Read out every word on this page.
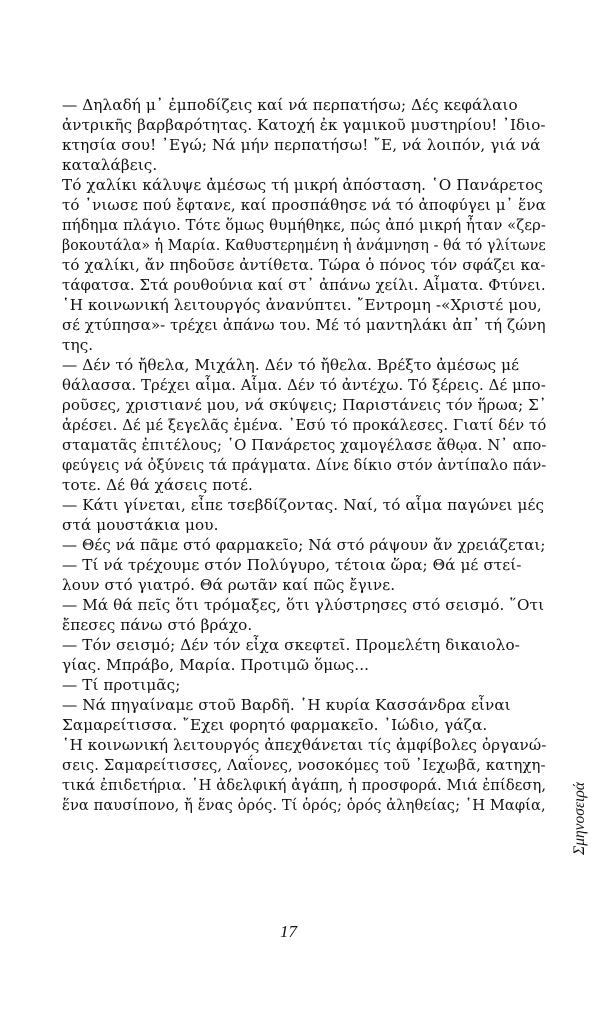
— Δηλαδή μ᾽ ἐμποδίζεις καί νά περπατήσω; Δές κεφάλαιο
ἀντρικῆς βαρβαρότητας. Κατοχή ἐκ γαμικοῦ μυστηρίου! ᾽Ιδιο-
κτησία σου! ᾽Εγώ; Νά μήν περπατήσω! ῎Ε, νά λοιπόν, γιά νά
καταλάβεις.
Τό χαλίκι κάλυψε ἀμέσως τή μικρή ἀπόσταση. ῾Ο Πανάρετος
τό ᾽νιωσε πού ἔφτανε, καί προσπάθησε νά τό ἀποφύγει μ᾽ ἕνα
πήδημα πλάγιο. Τότε ὅμως θυμήθηκε, πώς ἀπό μικρή ἦταν «ζερ-
βοκουτάλα» ἡ Μαρία. Καθυστερημένη ἡ ἀνάμνηση - θά τό γλίτωνε
τό χαλίκι, ἄν πηδοῦσε ἀντίθετα. Τώρα ὁ πόνος τόν σφάζει κα-
τάφατσα. Στά ρουθούνια καί στ᾽ ἀπάνω χείλι. Αἷματα. Φτύνει.
῾Η κοινωνική λειτουργός ἀνανύπτει. ῎Εντρομη -«Χριστέ μου,
σέ χτύπησα»- τρέχει ἀπάνω του. Μέ τό μαντηλάκι ἀπ᾽ τή ζώνη
της.
— Δέν τό ἤθελα, Μιχάλη. Δέν τό ἤθελα. Βρέξτο ἀμέσως μέ
θάλασσα. Τρέχει αἷμα. Αἷμα. Δέν τό ἀντέχω. Τό ξέρεις. Δέ μπο-
ροῦσες, χριστιανέ μου, νά σκύψεις; Παριστάνεις τόν ἥρωα; Σ᾽
ἀρέσει. Δέ μέ ξεγελᾶς ἐμένα. ᾽Εσύ τό προκάλεσες. Γιατί δέν τό
σταματᾶς ἐπιτέλους; ῾Ο Πανάρετος χαμογέλασε ἄθῳα. Ν᾽ απο-
φεύγεις νά ὀξύνεις τά πράγματα. Δίνε δίκιο στόν ἀντίπαλο πάν-
τοτε. Δέ θά χάσεις ποτέ.
— Κάτι γίνεται, εἶπε τσεβδίζοντας. Ναί, τό αἷμα παγώνει μές
στά μουστάκια μου.
— Θές νά πᾶμε στό φαρμακεῖο; Νά στό ράψουν ἄν χρειάζεται;
— Τί νά τρέχουμε στόν Πολύγυρο, τέτοια ὥρα; Θά μέ στεί-
λουν στό γιατρό. Θά ρωτᾶν καί πῶς ἔγινε.
— Μά θά πεῖς ὅτι τρόμαξες, ὅτι γλύστρησες στό σεισμό. ῞Οτι
ἔπεσες πάνω στό βράχο.
— Τόν σεισμό; Δέν τόν εἶχα σκεφτεῖ. Προμελέτη δικαιολο-
γίας. Μπράβο, Μαρία. Προτιμῶ ὅμως...
— Τί προτιμᾶς;
— Νά πηγαίναμε στοῦ Βαρδῆ. ῾Η κυρία Κασσάνδρα εἶναι
Σαμαρείτισσα. ῎Εχει φορητό φαρμακεῖο. ᾽Ιώδιο, γάζα.
῾Η κοινωνική λειτουργός ἀπεχθάνεται τίς ἀμφίβολες ὀργανώ-
σεις. Σαμαρείτισσες, Λαΐονες, νοσοκόμες τοῦ ᾽Ιεχωβᾶ, κατηχη-
τικά ἐπιδετήρια. ῾Η ἀδελφική ἀγάπη, ἡ προσφορά. Μιά ἐπίδεση,
ἕνα παυσίπονο, ἤ ἕνας ὁρός. Τί ὁρός; ὁρός ἀληθείας; ῾Η Μαφία,
17
Σμηνοσειρά
